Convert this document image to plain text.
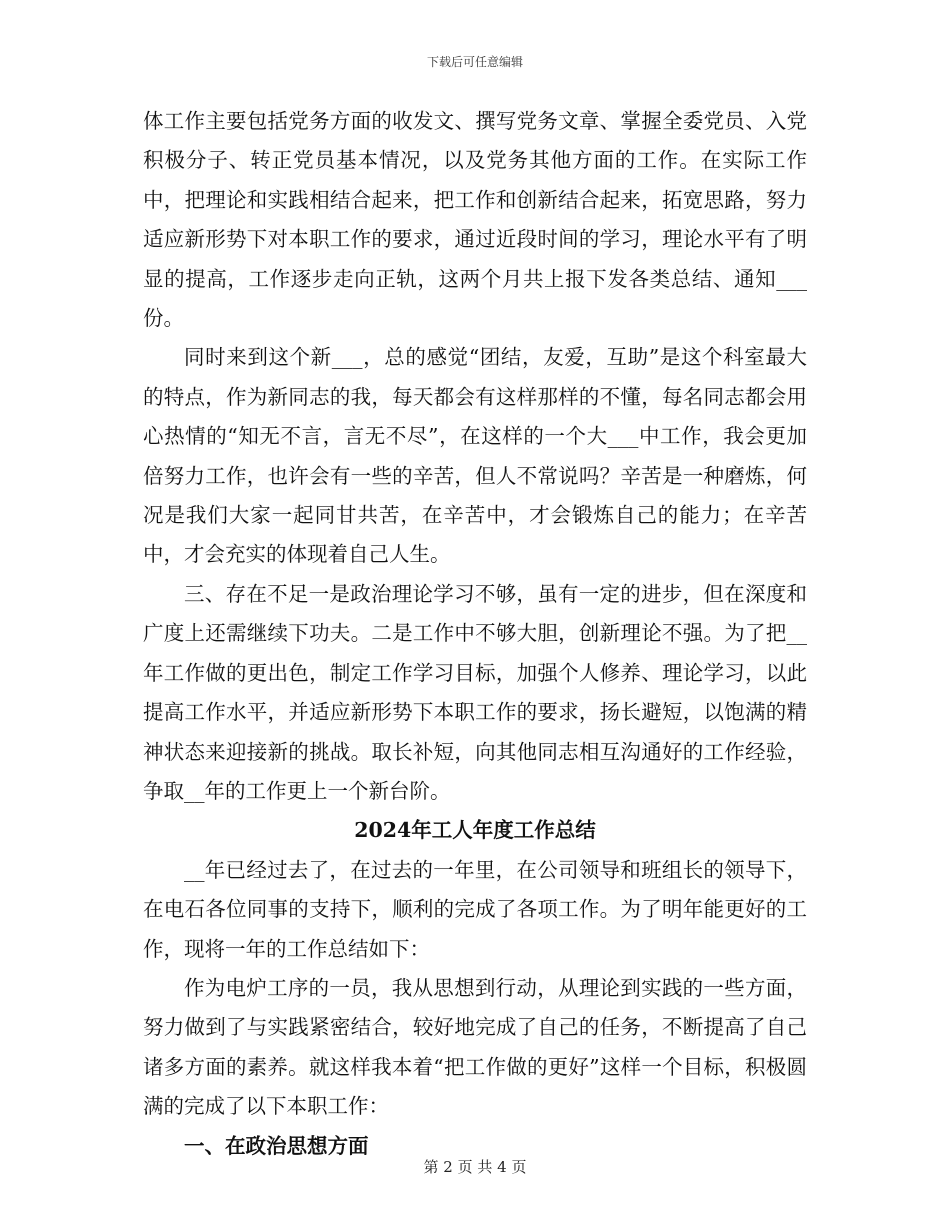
下载后可任意编辑

体工作主要包括党务方面的收发文、撰写党务文章、掌握全委党员、入党积极分子、转正党员基本情况，以及党务其他方面的工作。在实际工作中，把理论和实践相结合起来，把工作和创新结合起来，拓宽思路，努力适应新形势下对本职工作的要求，通过近段时间的学习，理论水平有了明显的提高，工作逐步走向正轨，这两个月共上报下发各类总结、通知___份。

同时来到这个新___，总的感觉“团结，友爱，互助”是这个科室最大的特点，作为新同志的我，每天都会有这样那样的不懂，每名同志都会用心热情的“知无不言，言无不尽”，在这样的一个大___中工作，我会更加倍努力工作，也许会有一些的辛苦，但人不常说吗？辛苦是一种磨炼，何况是我们大家一起同甘共苦，在辛苦中，才会锻炼自己的能力；在辛苦中，才会充实的体现着自己人生。

三、存在不足一是政治理论学习不够，虽有一定的进步，但在深度和广度上还需继续下功夫。二是工作中不够大胆，创新理论不强。为了把__年工作做的更出色，制定工作学习目标，加强个人修养、理论学习，以此提高工作水平，并适应新形势下本职工作的要求，扬长避短，以饱满的精神状态来迎接新的挑战。取长补短，向其他同志相互沟通好的工作经验，争取__年的工作更上一个新台阶。

2024年工人年度工作总结

__年已经过去了，在过去的一年里，在公司领导和班组长的领导下，在电石各位同事的支持下，顺利的完成了各项工作。为了明年能更好的工作，现将一年的工作总结如下：

作为电炉工序的一员，我从思想到行动，从理论到实践的一些方面，努力做到了与实践紧密结合，较好地完成了自己的任务，不断提高了自己诸多方面的素养。就这样我本着“把工作做的更好”这样一个目标，积极圆满的完成了以下本职工作：

一、在政治思想方面
第 2 页 共 4 页
